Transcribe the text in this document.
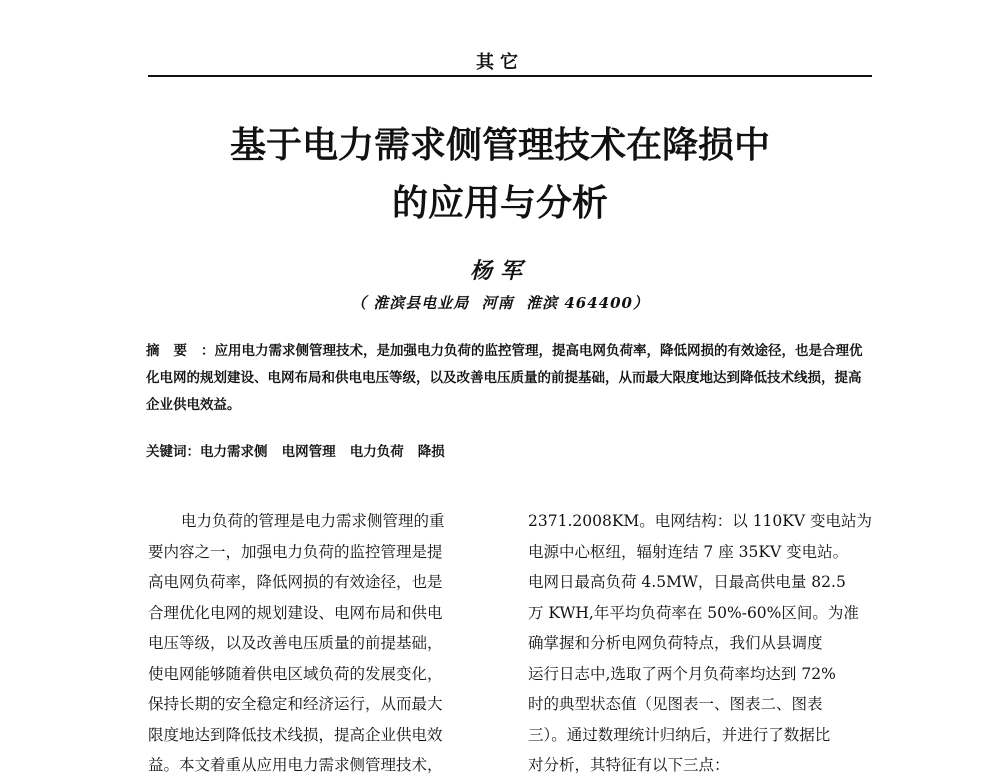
其它
基于电力需求侧管理技术在降损中
的应用与分析
杨军
（ 淮滨县电业局  河南  淮滨 464400）
摘要：应用电力需求侧管理技术，是加强电力负荷的监控管理，提高电网负荷率，降低网损的有效途径，也是合理优化电网的规划建设、电网布局和供电电压等级，以及改善电压质量的前提基础，从而最大限度地达到降低技术线损，提高企业供电效益。
关键词：电力需求侧   电网管理   电力负荷   降损
电力负荷的管理是电力需求侧管理的重
要内容之一，加强电力负荷的监控管理是提
高电网负荷率，降低网损的有效途径，也是
合理优化电网的规划建设、电网布局和供电
电压等级，以及改善电压质量的前提基础，
使电网能够随着供电区域负荷的发展变化，
保持长期的安全稳定和经济运行，从而最大
限度地达到降低技术线损，提高企业供电效
益。本文着重从应用电力需求侧管理技术，
2371.2008KM。电网结构：以 110KV 变电站为
电源中心枢纽，辐射连结 7 座 35KV 变电站。
电网日最高负荷 4.5MW，日最高供电量 82.5
万 KWH,年平均负荷率在 50%-60%区间。为准
确掌握和分析电网负荷特点，我们从县调度
运行日志中,选取了两个月负荷率均达到 72%
时的典型状态值（见图表一、图表二、图表
三）。通过数理统计归纳后，并进行了数据比
对分析，其特征有以下三点：
